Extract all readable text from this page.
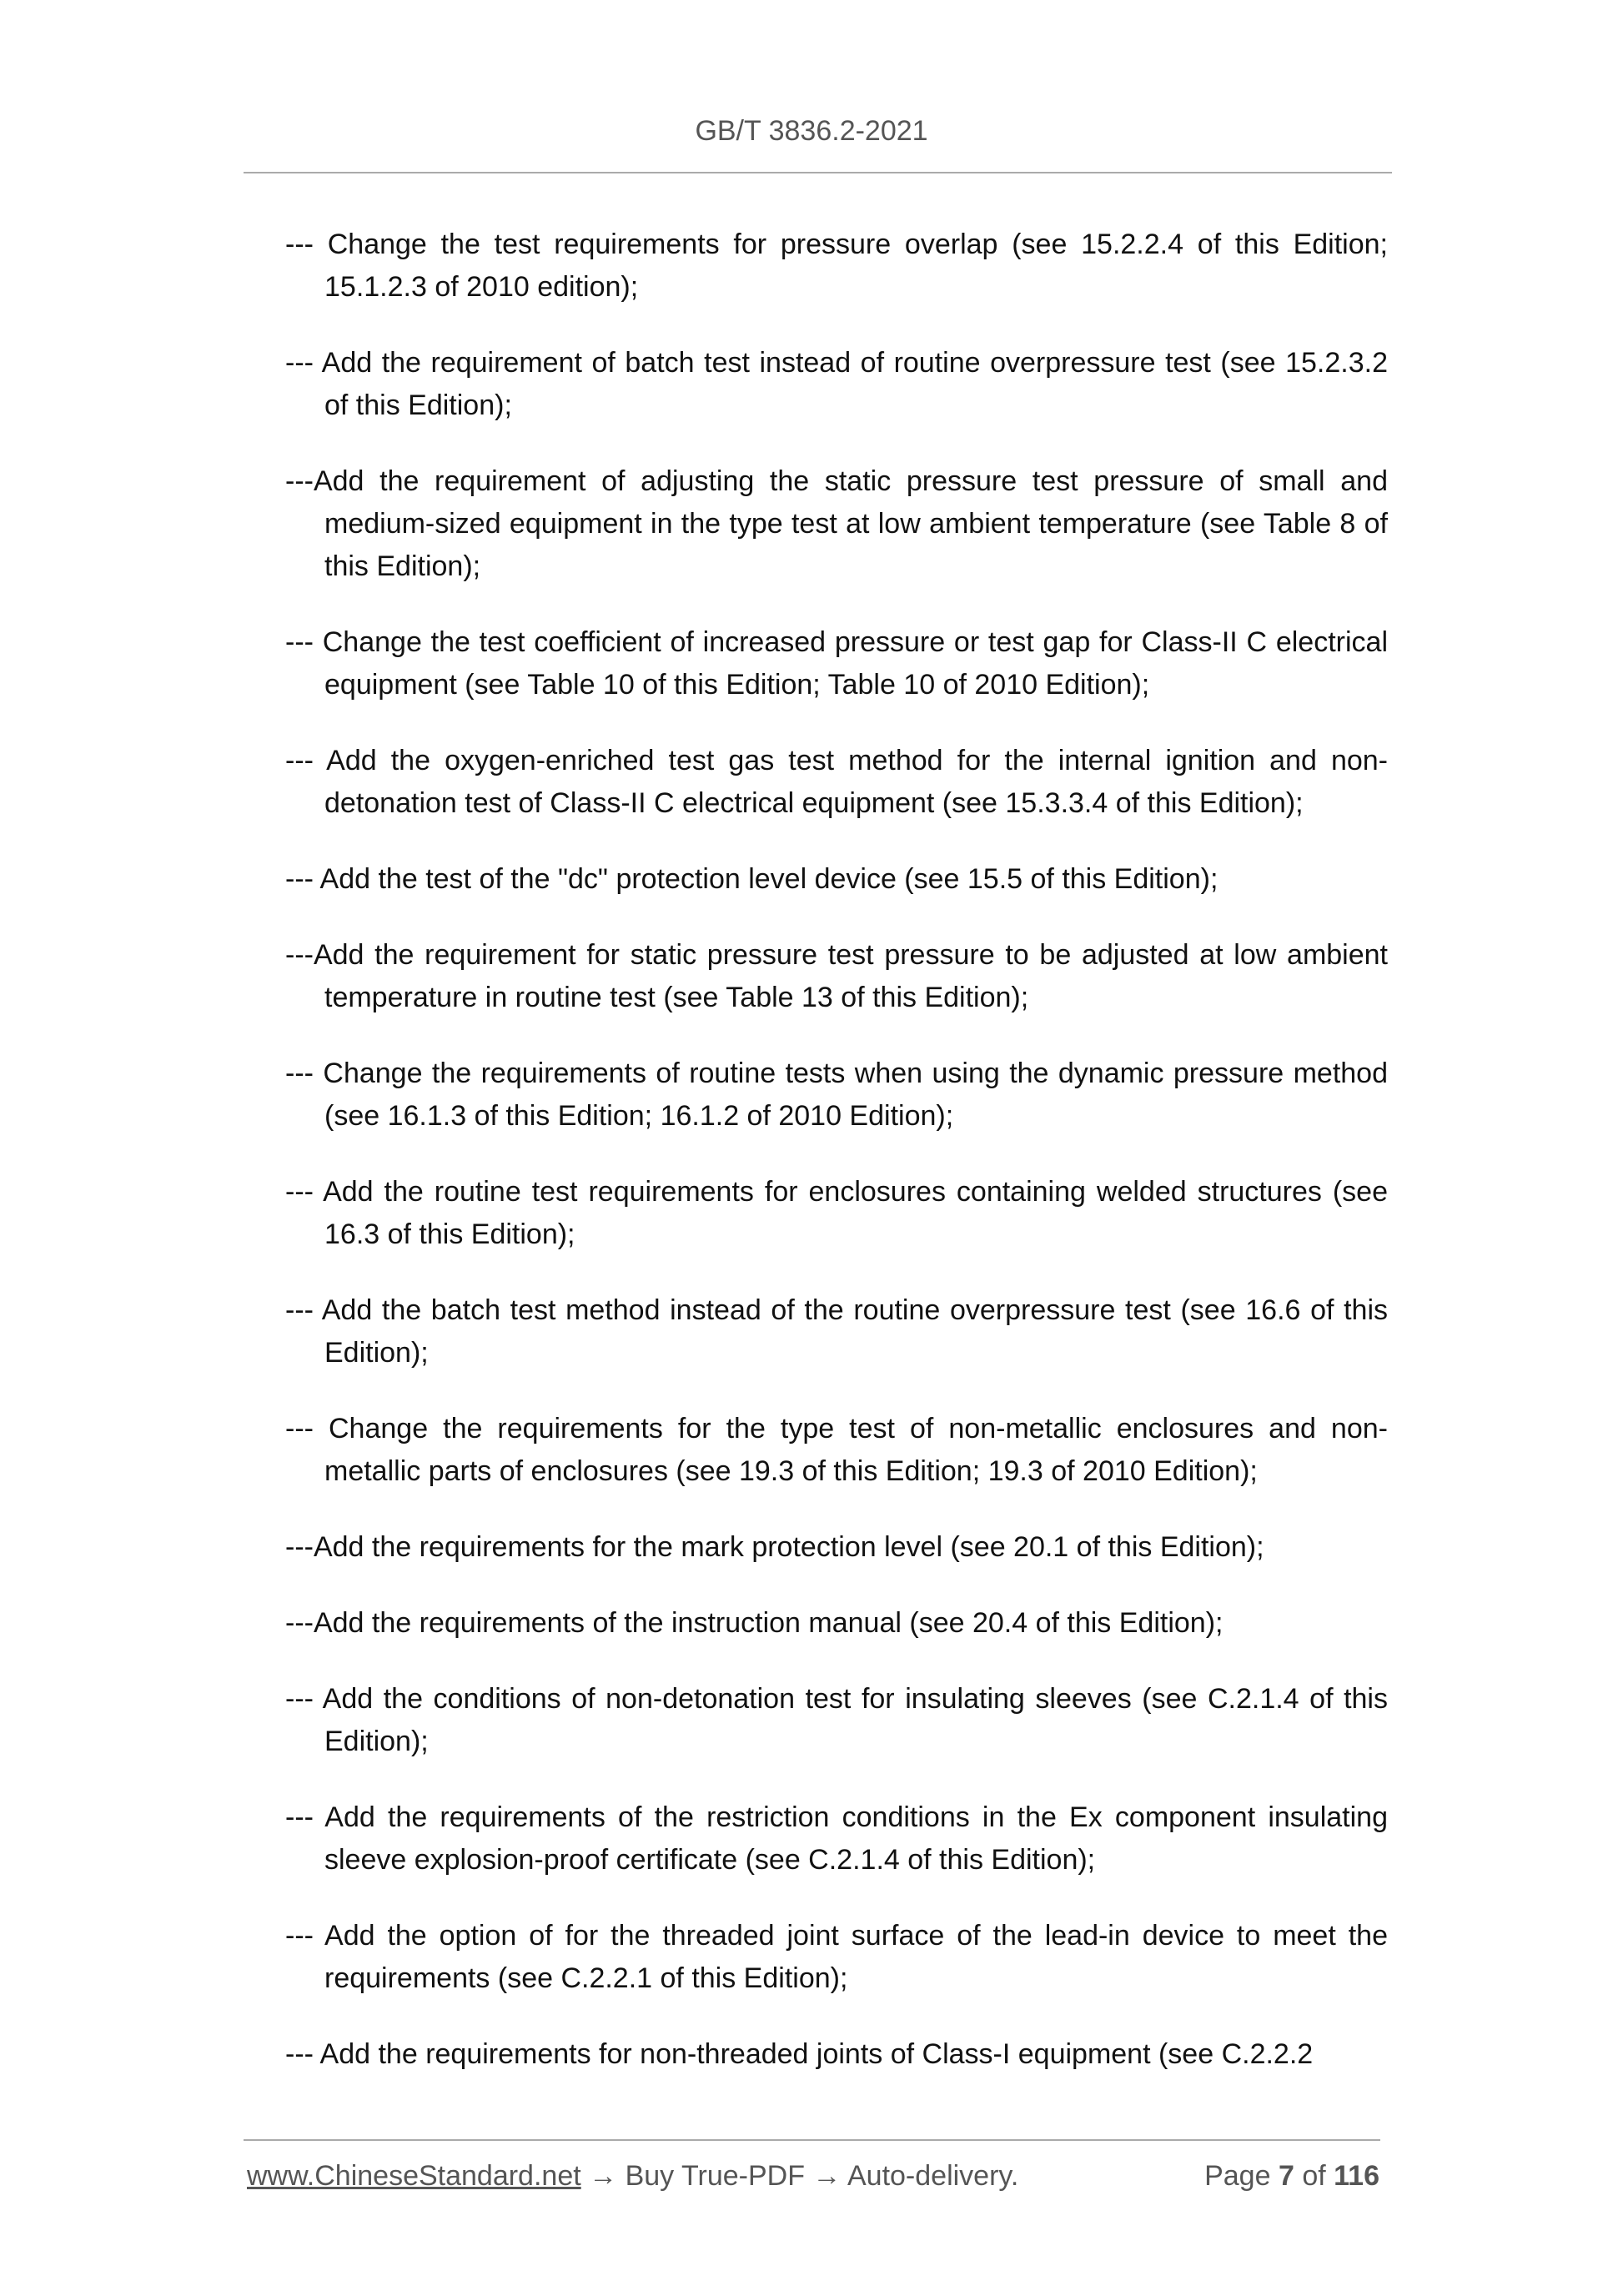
GB/T 3836.2-2021

--- Change the test requirements for pressure overlap (see 15.2.2.4 of this Edition; 15.1.2.3 of 2010 edition);

--- Add the requirement of batch test instead of routine overpressure test (see 15.2.3.2 of this Edition);

---Add the requirement of adjusting the static pressure test pressure of small and medium-sized equipment in the type test at low ambient temperature (see Table 8 of this Edition);

--- Change the test coefficient of increased pressure or test gap for Class-II C electrical equipment (see Table 10 of this Edition; Table 10 of 2010 Edition);

--- Add the oxygen-enriched test gas test method for the internal ignition and non-detonation test of Class-II C electrical equipment (see 15.3.3.4 of this Edition);

--- Add the test of the "dc" protection level device (see 15.5 of this Edition);

---Add the requirement for static pressure test pressure to be adjusted at low ambient temperature in routine test (see Table 13 of this Edition);

--- Change the requirements of routine tests when using the dynamic pressure method (see 16.1.3 of this Edition; 16.1.2 of 2010 Edition);

--- Add the routine test requirements for enclosures containing welded structures (see 16.3 of this Edition);

--- Add the batch test method instead of the routine overpressure test (see 16.6 of this Edition);

--- Change the requirements for the type test of non-metallic enclosures and non-metallic parts of enclosures (see 19.3 of this Edition; 19.3 of 2010 Edition);

---Add the requirements for the mark protection level (see 20.1 of this Edition);

---Add the requirements of the instruction manual (see 20.4 of this Edition);

--- Add the conditions of non-detonation test for insulating sleeves (see C.2.1.4 of this Edition);

--- Add the requirements of the restriction conditions in the Ex component insulating sleeve explosion-proof certificate (see C.2.1.4 of this Edition);

--- Add the option of for the threaded joint surface of the lead-in device to meet the requirements (see C.2.2.1 of this Edition);

--- Add the requirements for non-threaded joints of Class-I equipment (see C.2.2.2

www.ChineseStandard.net → Buy True-PDF → Auto-delivery.	Page 7 of 116
